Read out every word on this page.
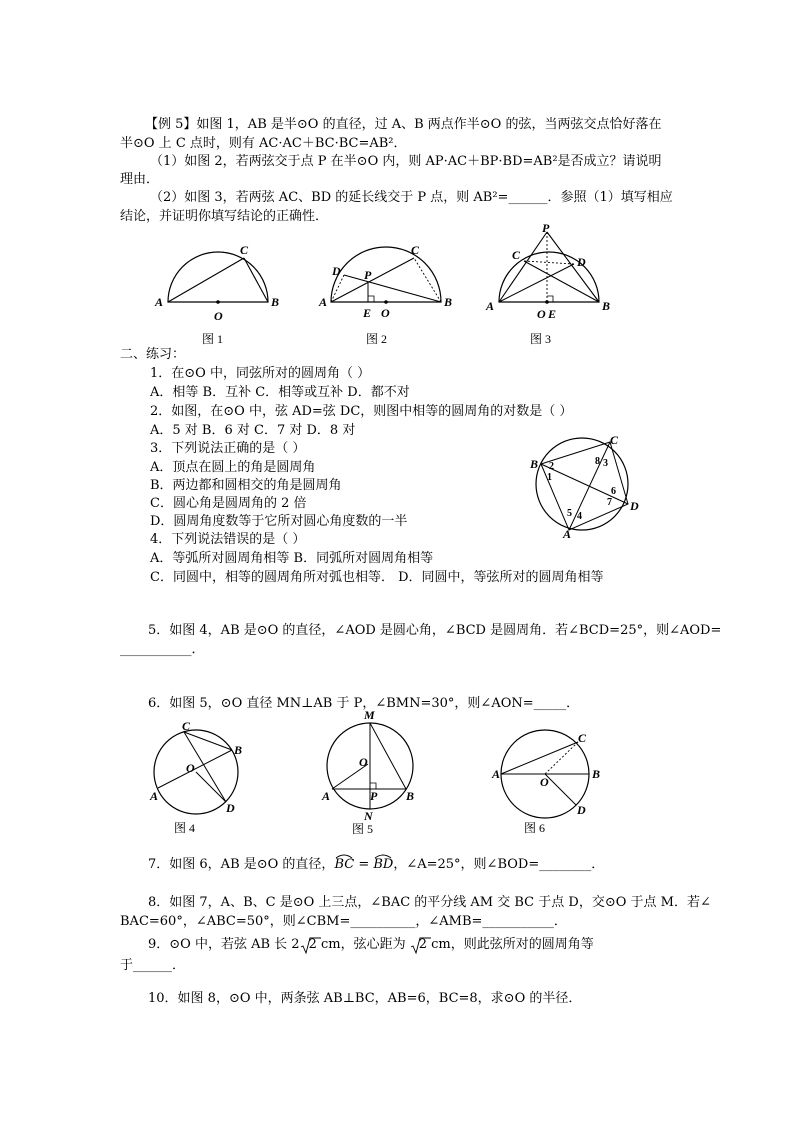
【例 5】如图 1，AB 是半⊙O 的直径，过 A、B 两点作半⊙O 的弦，当两弦交点恰好落在
半⊙O 上 C 点时，则有 AC·AC＋BC·BC=AB²．
（1）如图 2，若两弦交于点 P 在半⊙O 内，则 AP·AC＋BP·BD=AB²是否成立？请说明
理由．
（2）如图 3，若两弦 AC、BD 的延长线交于 P 点，则 AB²=______．参照（1）填写相应
结论，并证明你填写结论的正确性．
A	B
C
O
图 1
A	B
C
D P
E O
图 2
P
C	D
A	B
O E
图 3
二、练习：
1．在⊙O 中，同弦所对的圆周角（ ）
A．相等 B．互补 C．相等或互补 D．都不对
2．如图，在⊙O 中，弦 AD=弦 DC，则图中相等的圆周角的对数是（ ）
A．5 对 B．6 对 C．7 对 D．8 对
3．下列说法正确的是（ ）
A．顶点在圆上的角是圆周角
B．两边都和圆相交的角是圆周角
C．圆心角是圆周角的 2 倍
D．圆周角度数等于它所对圆心角度数的一半
4．下列说法错误的是（ ）
A．等弧所对圆周角相等 B．同弧所对圆周角相等
C．同圆中，相等的圆周角所对弧也相等． D．同圆中，等弦所对的圆周角相等
B
C
D
A
1
2	3
8
6
7
5 4
5．如图 4，AB 是⊙O 的直径，∠AOD 是圆心角，∠BCD 是圆周角．若∠BCD=25°，则∠AOD=
___________．
6．如图 5，⊙O 直径 MN⊥AB 于 P，∠BMN=30°，则∠AON=_____．
C
B
O
A
D
图 4
M
O
A	P B
N
图 5
A	B
C
O
D
图 6
7．如图 6，AB 是⊙O 的直径，
BC =
BD，∠A=25°，则∠BOD=________．
8．如图 7，A、B、C 是⊙O 上三点，∠BAC 的平分线 AM 交 BC 于点 D，交⊙O 于点 M．若∠
BAC=60°，∠ABC=50°，则∠CBM=__________，∠AMB=___________．
9．⊙O 中，若弦 AB 长 2 2 cm，弦心距为
2 cm，则此弦所对的圆周角等
于______．
10．如图 8，⊙O 中，两条弦 AB⊥BC，AB=6，BC=8，求⊙O 的半径．
